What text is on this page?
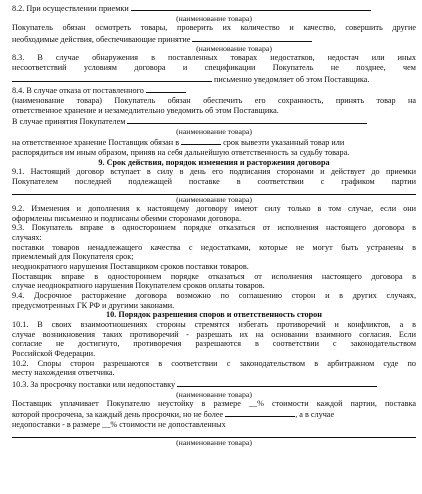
8.2. При осуществлении приемки
(наименование товара)
Покупатель обязан осмотреть товары, проверить их количество и качество, совершить другие
необходимые действия, обеспечивающие принятие
(наименование товара)
8.3. В случае обнаружения в поставленных товарах недостатков, недостач или иных
несоответствий условиям договора и спецификации Покупатель не позднее, чем
письменно уведомляет об этом Поставщика.
8.4. В случае отказа от поставленного
(наименование товара) Покупатель обязан обеспечить его сохранность, принять товар на
ответственное хранение и незамедлительно уведомить об этом Поставщика.
В случае принятия Покупателем
(наименование товара)
на ответственное хранение Поставщик обязан в	срок вывезти указанный товар или
распорядиться им иным образом, приняв на себя дальнейшую ответственность за судьбу товара.
9. Срок действия, порядок изменения и расторжения договора
9.1. Настоящий договор вступает в силу в день его подписания сторонами и действует до приемки
Покупателем последней подлежащей поставке в соответствии с графиком партии
(наименование товара)
9.2. Изменения и дополнения к настоящему договору имеют силу только в том случае, если они
оформлены письменно и подписаны обеими сторонами договора.
9.3. Покупатель вправе в одностороннем порядке отказаться от исполнения настоящего договора в
случаях:
поставки товаров ненадлежащего качества с недостатками, которые не могут быть устранены в
приемлемый для Покупателя срок;
неоднократного нарушения Поставщиком сроков поставки товаров.
Поставщик вправе в одностороннем порядке отказаться от исполнения настоящего договора в
случае неоднократного нарушения Покупателем сроков оплаты товаров.
9.4. Досрочное расторжение договора возможно по соглашению сторон и в других случаях,
предусмотренных ГК РФ и другими законами.
10. Порядок разрешения споров и ответственность сторон
10.1. В своих взаимоотношениях стороны стремятся избегать противоречий и конфликтов, а в
случае возникновения таких противоречий - разрешать их на основании взаимного согласия. Если
согласие не достигнуто, противоречия разрешаются в соответствии с законодательством
Российской Федерации.
10.2. Споры сторон разрешаются в соответствии с законодательством в арбитражном суде по
месту нахождения ответчика.
10.3. За просрочку поставки или недопоставку
(наименование товара)
Поставщик уплачивает Покупателю неустойку в размере __% стоимости каждой партии, поставка
которой просрочена, за каждый день просрочки, но не более	, а в случае
недопоставки - в размере __% стоимости не допоставленных
(наименование товара)
